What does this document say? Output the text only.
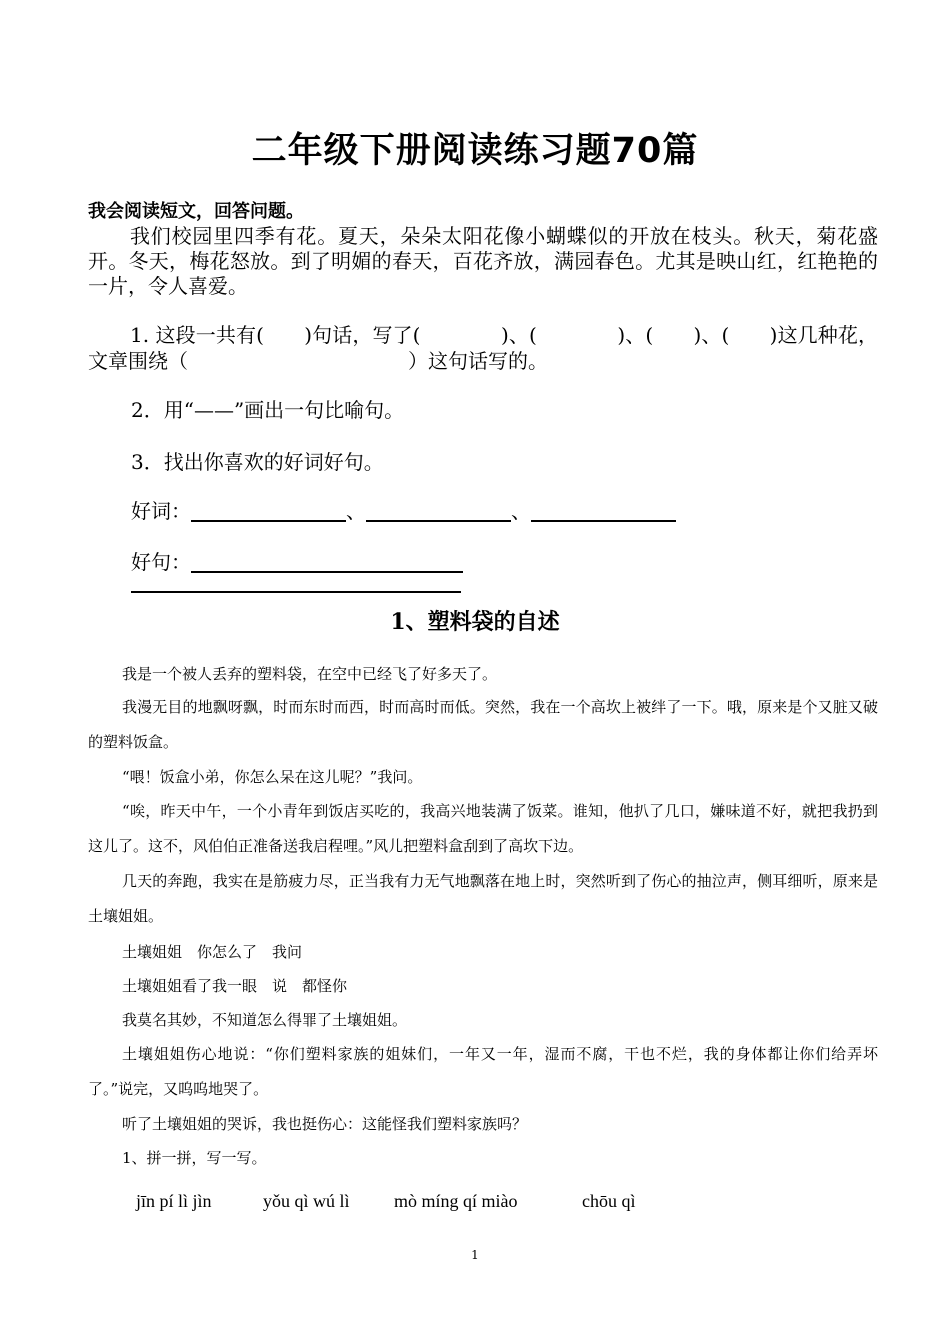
二年级下册阅读练习题70篇
我会阅读短文，回答问题。
我们校园里四季有花。夏天，朵朵太阳花像小蝴蝶似的开放在枝头。秋天，菊花盛开。冬天，梅花怒放。到了明媚的春天，百花齐放，满园春色。尤其是映山红，红艳艳的一片，令人喜爱。
1. 这段一共有(　　)句话，写了(　　　　)、(　　　　)、(　　)、(　　)这几种花，文章围绕（　　　　　　　　　　　）这句话写的。
2．用“——”画出一句比喻句。
3．找出你喜欢的好词好句。
好词：	、	、
好句：
1、塑料袋的自述
我是一个被人丢弃的塑料袋，在空中已经飞了好多天了。
我漫无目的地飘呀飘，时而东时而西，时而高时而低。突然，我在一个高坎上被绊了一下。哦，原来是个又脏又破的塑料饭盒。
“喂！饭盒小弟，你怎么呆在这儿呢？”我问。
“唉，昨天中午，一个小青年到饭店买吃的，我高兴地装满了饭菜。谁知，他扒了几口，嫌味道不好，就把我扔到这儿了。这不，风伯伯正准备送我启程哩。”风儿把塑料盒刮到了高坎下边。
几天的奔跑，我实在是筋疲力尽，正当我有力无气地飘落在地上时，突然听到了伤心的抽泣声，侧耳细听，原来是土壤姐姐。
土壤姐姐　你怎么了　我问
土壤姐姐看了我一眼　说　都怪你
我莫名其妙，不知道怎么得罪了土壤姐姐。
土壤姐姐伤心地说：“你们塑料家族的姐妹们，一年又一年，湿而不腐，干也不烂，我的身体都让你们给弄坏了。”说完，又呜呜地哭了。
听了土壤姐姐的哭诉，我也挺伤心：这能怪我们塑料家族吗？
1、拼一拼，写一写。
jīn pí lì jìn	yǒu qì wú lì mò míng qí miào	chōu qì
1
